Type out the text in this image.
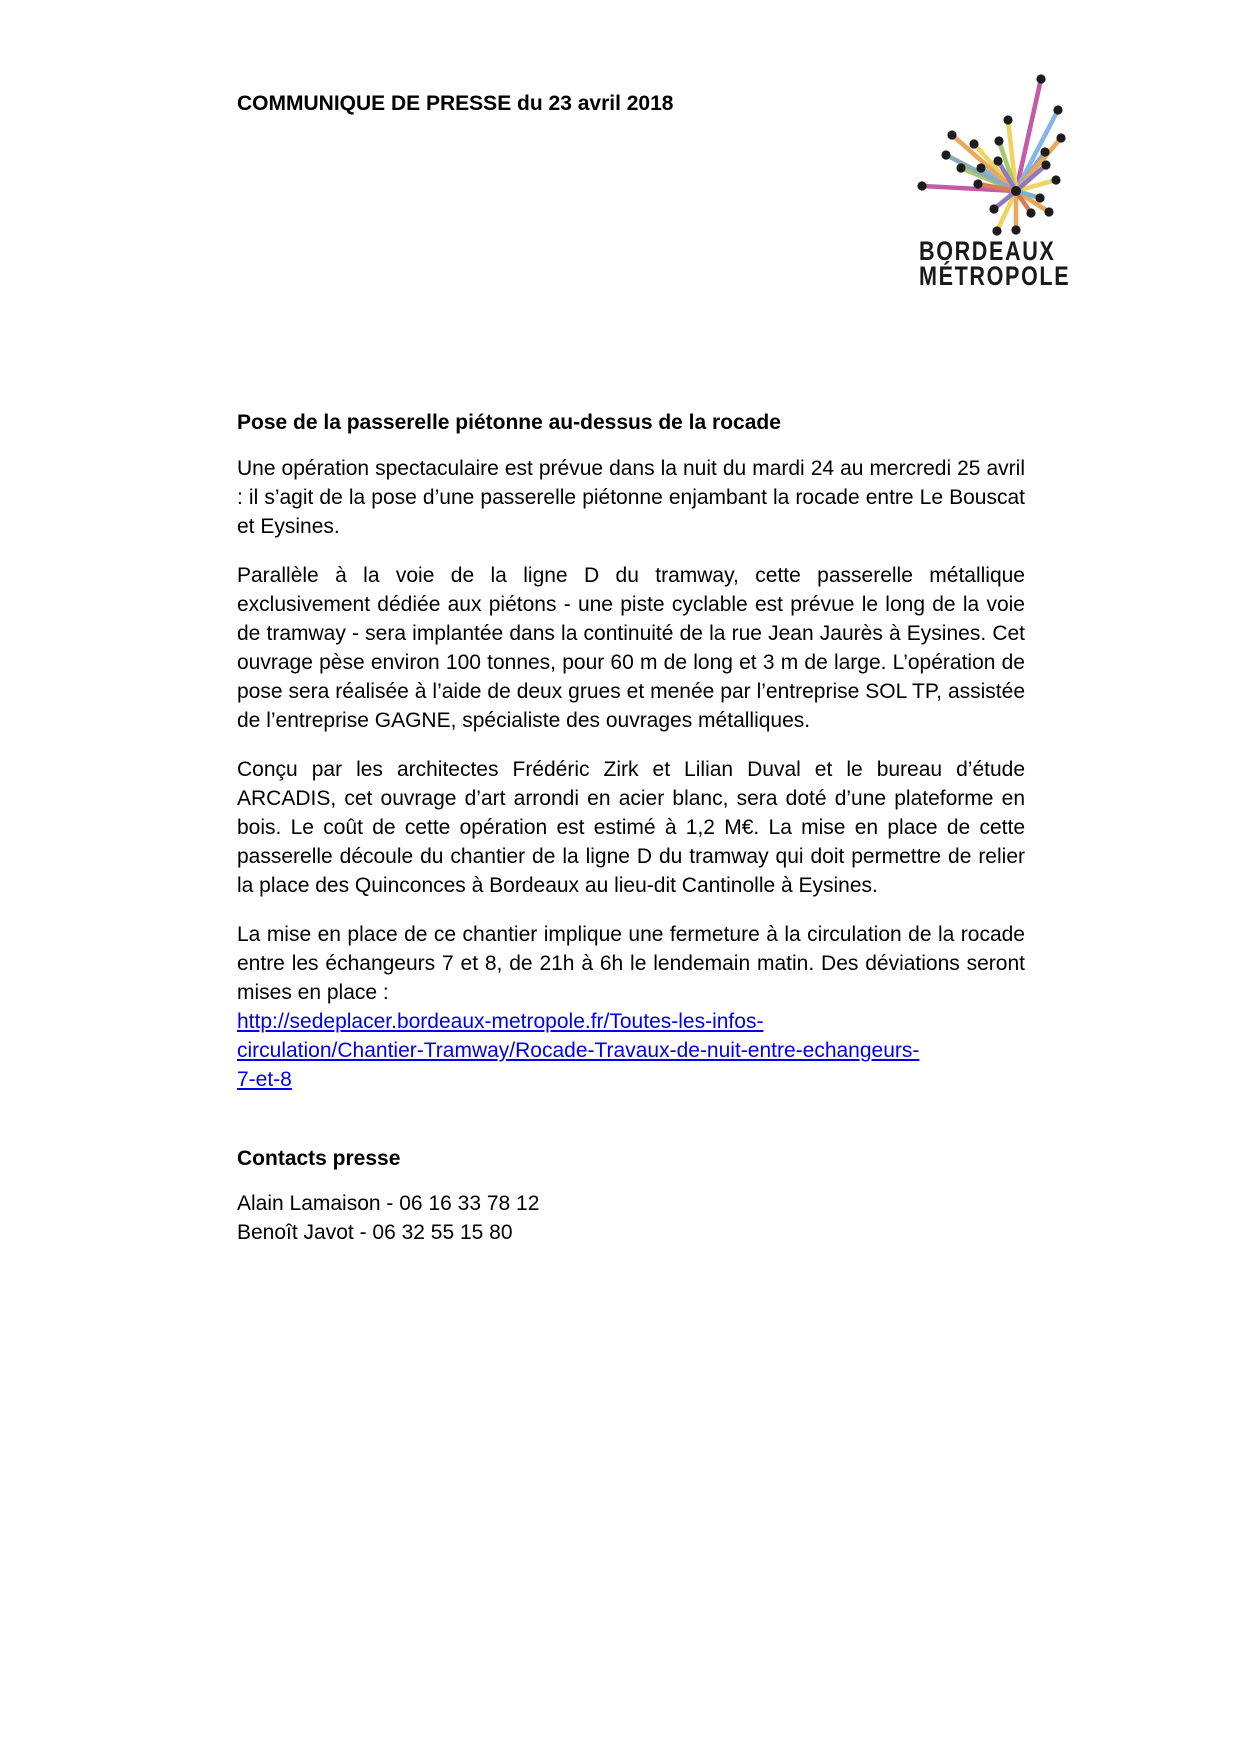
COMMUNIQUE DE PRESSE du 23 avril 2018
BORDEAUX
MÉTROPOLE
Pose de la passerelle piétonne au-dessus de la rocade

Une opération spectaculaire est prévue dans la nuit du mardi 24 au mercredi 25 avril : il s’agit de la pose d’une passerelle piétonne enjambant la rocade entre Le Bouscat et Eysines.

Parallèle à la voie de la ligne D du tramway, cette passerelle métallique exclusivement dédiée aux piétons - une piste cyclable est prévue le long de la voie de tramway - sera implantée dans la continuité de la rue Jean Jaurès à Eysines. Cet ouvrage pèse environ 100 tonnes, pour 60 m de long et 3 m de large. L’opération de pose sera réalisée à l’aide de deux grues et menée par l’entreprise SOL TP, assistée de l’entreprise GAGNE, spécialiste des ouvrages métalliques.

Conçu par les architectes Frédéric Zirk et Lilian Duval et le bureau d’étude ARCADIS, cet ouvrage d’art arrondi en acier blanc, sera doté d’une plateforme en bois. Le coût de cette opération est estimé à 1,2 M€. La mise en place de cette passerelle découle du chantier de la ligne D du tramway qui doit permettre de relier la place des Quinconces à Bordeaux au lieu-dit Cantinolle à Eysines.

La mise en place de ce chantier implique une fermeture à la circulation de la rocade entre les échangeurs 7 et 8, de 21h à 6h le lendemain matin. Des déviations seront mises en place :

http://sedeplacer.bordeaux-metropole.fr/Toutes-les-infos-
circulation/Chantier-Tramway/Rocade-Travaux-de-nuit-entre-echangeurs-
7-et-8
Contacts presse
Alain Lamaison - 06 16 33 78 12
Benoît Javot - 06 32 55 15 80
